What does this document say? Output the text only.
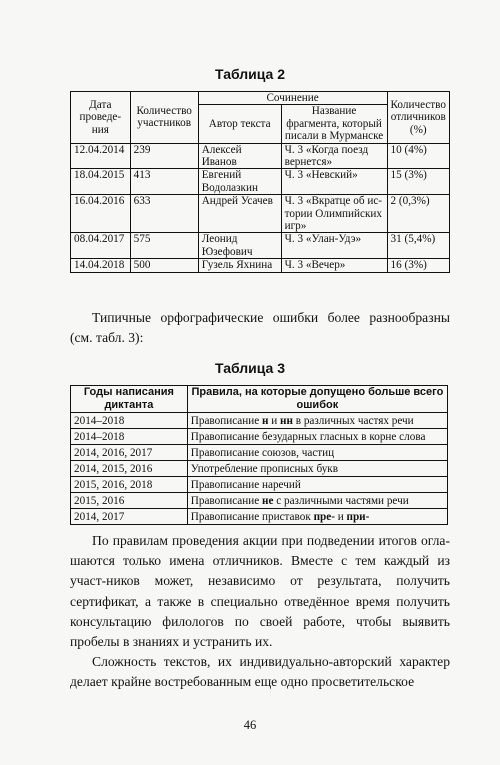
Таблица 2
Дата проведе-ния	Количество участников	Сочинение		Количество отличников (%)
		Автор текста	Название фрагмента, который писали в Мурманске	
12.04.2014	239	Алексей Иванов	Ч. 3 «Когда поезд вернется»	10 (4%)
18.04.2015	413	Евгений Водолазкин	Ч. 3 «Невский»	15 (3%)
16.04.2016	633	Андрей Усачев	Ч. 3 «Вкратце об ис-тории Олимпийских игр»	2 (0,3%)
08.04.2017	575	Леонид Юзефович	Ч. 3 «Улан-Удэ»	31 (5,4%)
14.04.2018	500	Гузель Яхнина	Ч. 3 «Вечер»	16 (3%)
Типичные орфографические ошибки более разнообразны (см. табл. 3):
Таблица 3
Годы написания диктанта	Правила, на которые допущено больше всего ошибок
2014–2018	Правописание н и нн в различных частях речи
2014–2018	Правописание безударных гласных в корне слова
2014, 2016, 2017	Правописание союзов, частиц
2014, 2015, 2016	Употребление прописных букв
2015, 2016, 2018	Правописание наречий
2015, 2016	Правописание не с различными частями речи
2014, 2017	Правописание приставок пре- и при-
По правилам проведения акции при подведении итогов огла-шаются только имена отличников. Вместе с тем каждый из участ-ников может, независимо от результата, получить сертификат, а также в специально отведённое время получить консультацию филологов по своей работе, чтобы выявить пробелы в знаниях и устранить их.
Сложность текстов, их индивидуально-авторский характер делает крайне востребованным еще одно просветительское
46
